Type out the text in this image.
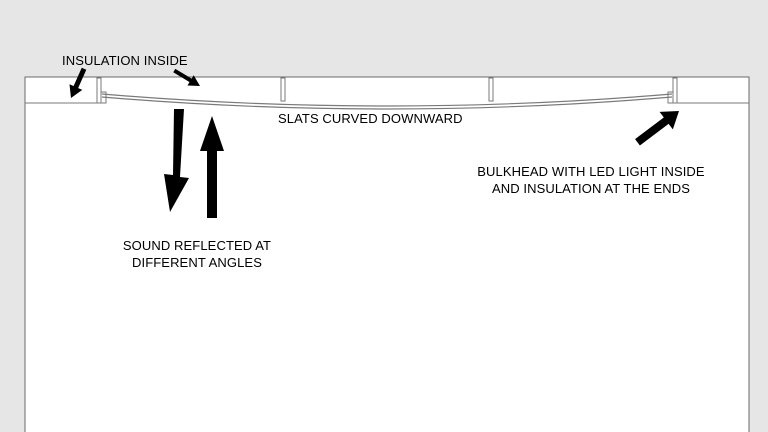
INSULATION INSIDE
SLATS CURVED DOWNWARD
BULKHEAD WITH LED LIGHT INSIDE
AND INSULATION AT THE ENDS
SOUND REFLECTED AT
DIFFERENT ANGLES
